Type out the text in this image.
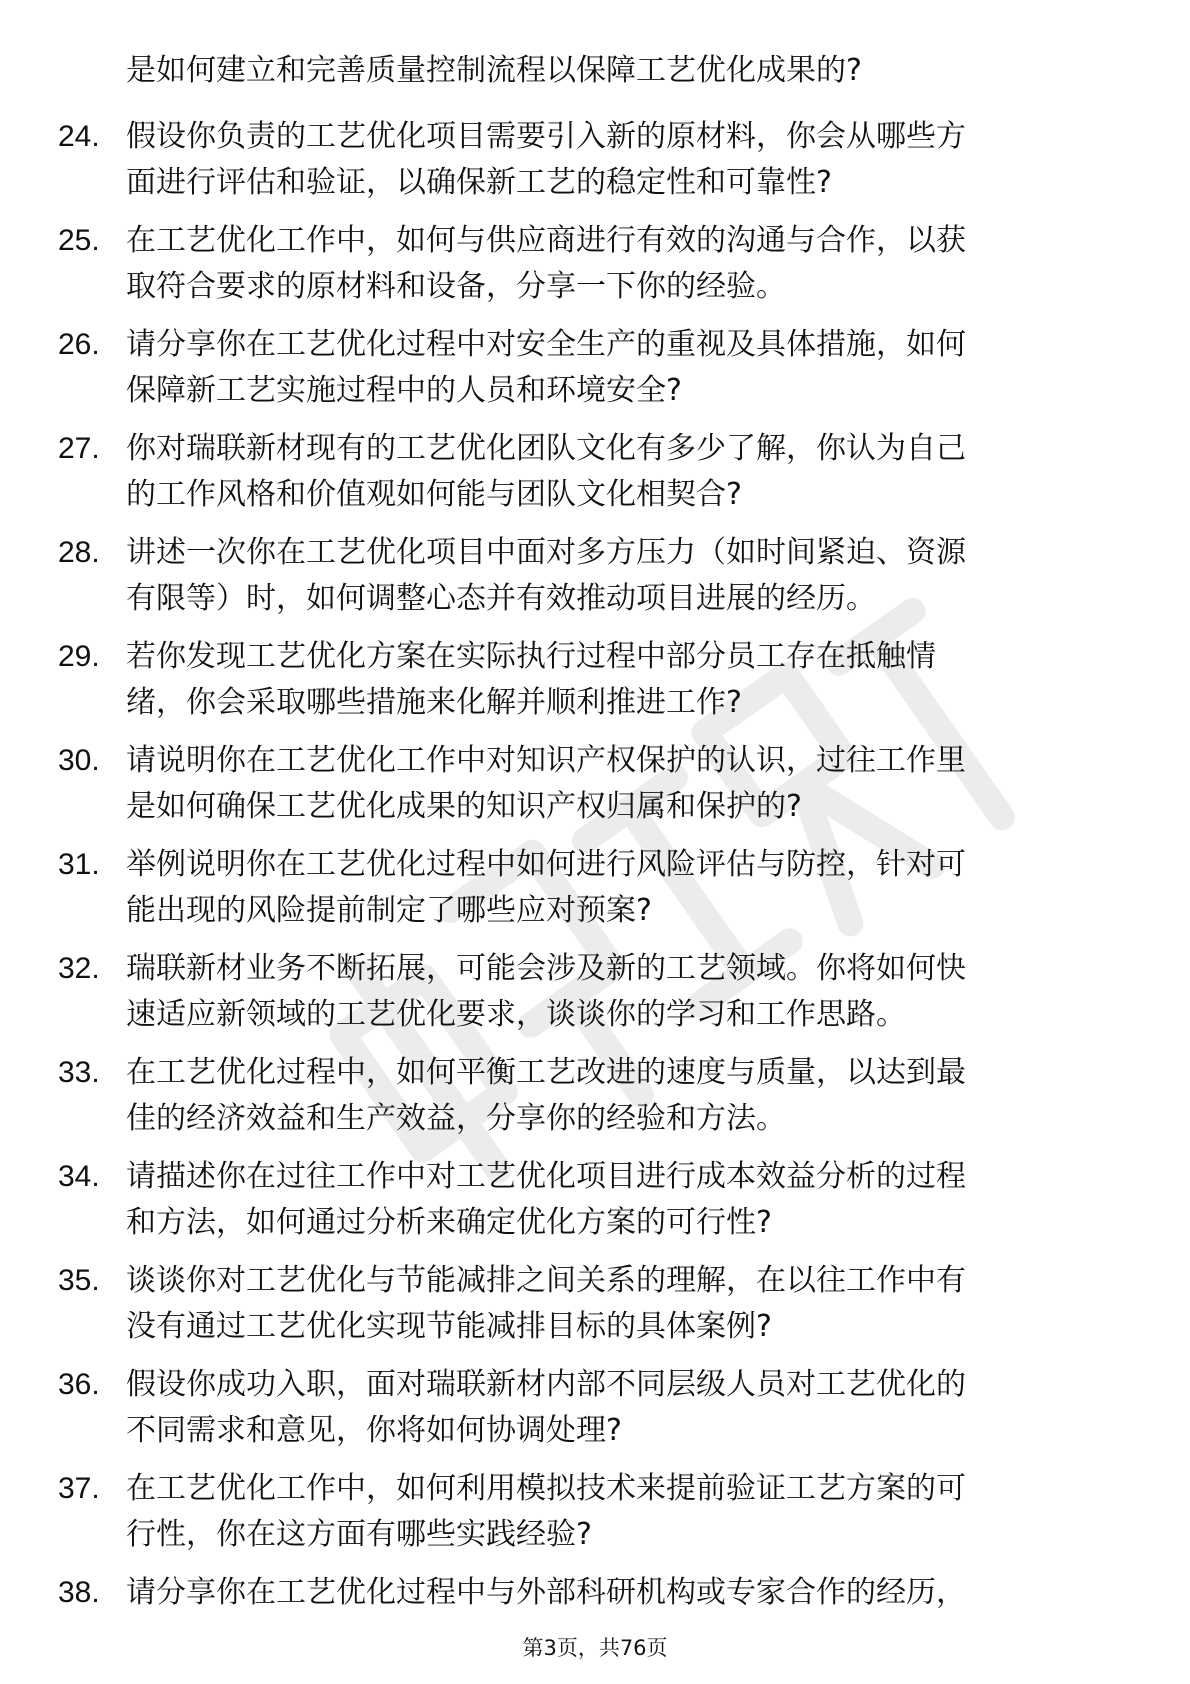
是如何建立和完善质量控制流程以保障工艺优化成果的?
24. 假设你负责的工艺优化项目需要引入新的原材料，你会从哪些方
面进行评估和验证，以确保新工艺的稳定性和可靠性?
25. 在工艺优化工作中，如何与供应商进行有效的沟通与合作，以获
取符合要求的原材料和设备，分享一下你的经验。
26. 请分享你在工艺优化过程中对安全生产的重视及具体措施，如何
保障新工艺实施过程中的人员和环境安全?
27. 你对瑞联新材现有的工艺优化团队文化有多少了解，你认为自己
的工作风格和价值观如何能与团队文化相契合?
28. 讲述一次你在工艺优化项目中面对多方压力（如时间紧迫、资源
有限等）时，如何调整心态并有效推动项目进展的经历。
29. 若你发现工艺优化方案在实际执行过程中部分员工存在抵触情
绪，你会采取哪些措施来化解并顺利推进工作?
30. 请说明你在工艺优化工作中对知识产权保护的认识，过往工作里
是如何确保工艺优化成果的知识产权归属和保护的?
31. 举例说明你在工艺优化过程中如何进行风险评估与防控，针对可
能出现的风险提前制定了哪些应对预案?
32. 瑞联新材业务不断拓展，可能会涉及新的工艺领域。你将如何快
速适应新领域的工艺优化要求，谈谈你的学习和工作思路。
33. 在工艺优化过程中，如何平衡工艺改进的速度与质量，以达到最
佳的经济效益和生产效益，分享你的经验和方法。
34. 请描述你在过往工作中对工艺优化项目进行成本效益分析的过程
和方法，如何通过分析来确定优化方案的可行性?
35. 谈谈你对工艺优化与节能减排之间关系的理解，在以往工作中有
没有通过工艺优化实现节能减排目标的具体案例?
36. 假设你成功入职，面对瑞联新材内部不同层级人员对工艺优化的
不同需求和意见，你将如何协调处理?
37. 在工艺优化工作中，如何利用模拟技术来提前验证工艺方案的可
行性，你在这方面有哪些实践经验?
38. 请分享你在工艺优化过程中与外部科研机构或专家合作的经历，
第3页，共76页
